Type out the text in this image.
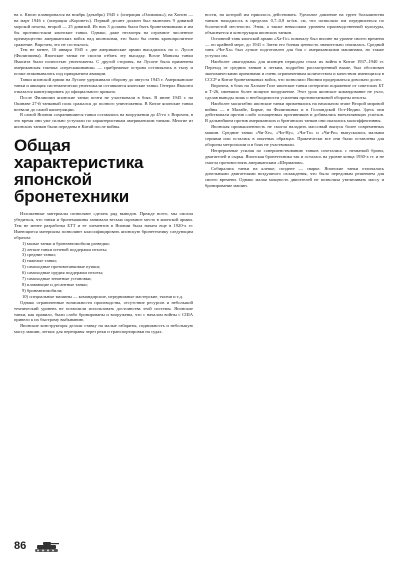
на о. Кюсю планировался на ноябрь (декабрь) 1945 г. (операция «Олимпик»), на Хонсю — на март 1946 г. (операция «Коронет»). Первый десант должен был включать 9 дивизий морской пехоты, второй — 25 дивизий. Из них 3 должны были быть бронетанковыми и им бы противостояли японские танки. Однако, даже несмотря на огромное численное преимущество американских войск над японскими, это было бы очень кровопролитное сражение. Впрочем, это не состоялось.

Тем не менее, 10 января 1945 г. две американские армии высадились на о. Лусон (Филиппины). Японские танки не смогли отбить эту высадку. Возле Манилы танки Ямасита были полностью уничтожены. С другой стороны, на Лусоне была применена американская тактика «перескакивания» — прибрежные острова оставлялись в тылу и позже атаковывались под прикрытием авиации.

Танки японской армии на Лусоне удерживали оборону до августа 1945 г. Американские танки и авиация систематически уничтожали оставшиеся японские танки. Генерал Ямасита отказался капитулировать до официального приказа.

После Филиппин японские танки почти не участвовали в боях. В июне 1945 г. на Окинаве 27-й танковый полк сражался до полного уничтожения. В Китае японские танки воевали до самой капитуляции.

В самой Японии сохранившиеся танки оставались на вооружении до 45-го г. Впрочем, в это время они уже сильно уступали по характеристикам американским танкам. Многие из японских танков были переданы в Китай после войны.

Общая характеристика японской бронетехники

Изложенные материалы позволяют сделать ряд выводов. Прежде всего, мы смогли убедиться, что танки и бронемашины занимали весьма скромное место в японской армии. Тем не менее разработка БТТ и ее элементов в Японии была начата еще в 1920-х гг. Имеющиеся материалы позволяют классифицировать японскую бронетехнику следующим образом:

1) малые танки и бронеавтомобили разведки;
2) легкие танки огневой поддержки пехоты;
3) средние танки;
4) тяжелые танки;
5) самоходные противотанковые пушки;
6) самоходные орудия поддержки пехоты;
7) самоходные зенитные установки;
8) плавающие и десантные танки;
9) бронеавтомобили;
10) специальные машины — командирские, передвижные мастерские, тягачи и т.д.

Однако ограниченные возможности производства, отсутствие ресурсов и небольшой технический уровень не позволили использовать достоинства этой системы. Японские танки, как правило, были слабо бронированы и вооружены, что с началом войны с США привело к их быстрому выбыванию.

Японские конструкторы делали ставку на малые габариты, подвижность и небольшую массу машин, легких для переправы через реки и транспортировки на судах.

ности, на которой им пришлось действовать. Удельное давление на грунт большинства танков находилось в пределах 0,7–0,8 кг/кв. см, что позволяло им передвигаться по болотистой местности. Этим, а также невысоким уровнем производственной культуры, объясняется и конструкция японских танков.

Основной танк японской армии «Ха-Го» поначалу был вполне на уровне своего времени — по крайней мере, до 1941 г. Затем его боевая ценность значительно снизилась. Средний танк «Чи-Ха» был лучше подготовлен для боя с американскими машинами, но также уступал им.

Наиболее «выгодным» для японцев периодом стала их война в Китае 1937–1940 гг. Переход от средних танков к легким, подробно рассмотренный выше, был обоснован экономическими причинами и очень ограниченным количеством и качеством имеющихся в СССР и Китае бронетанковых войск, что позволило Японии продержаться довольно долго.

Впрочем, в боях на Халхин-Голе японские танки потерпели поражение от советских БТ и Т-26, имевших более мощное вооружение. Этот урок японское командование не учло, сделав выводы лишь о необходимости усиления противотанковой обороны пехоты.

Наиболее масштабно японские танки применялись на начальном этапе Второй мировой войны — в Малайе, Бирме, на Филиппинах и в Голландской Ост-Индии. Здесь они действовали против слабо оснащенных противников и добивались впечатляющих успехов. В дальнейшем против американских и британских танков они оказались малоэффективны.

Японская промышленность не смогла наладить массовый выпуск более современных машин. Средние танки «Чи-Хе», «Чи-Ну», «Чи-То» и «Чи-Ри» выпускались малыми сериями или остались в опытных образцах. Практически все они были оставлены для обороны метрополии и в боях не участвовали.

Непрерывные усилия по совершенствованию танков сочетались с нехваткой брони, двигателей и сырья. Японская бронетехника так и осталась на уровне конца 1930-х гг. и не смогла противостоять американским «Шерманам».

Собирались танки на клепке, позднее — сварке. Японские танки отличались дизельными двигателями воздушного охлаждения, что было передовым решением для своего времени. Однако малая мощность двигателей не позволяла увеличивать массу и бронирование машин.

86
